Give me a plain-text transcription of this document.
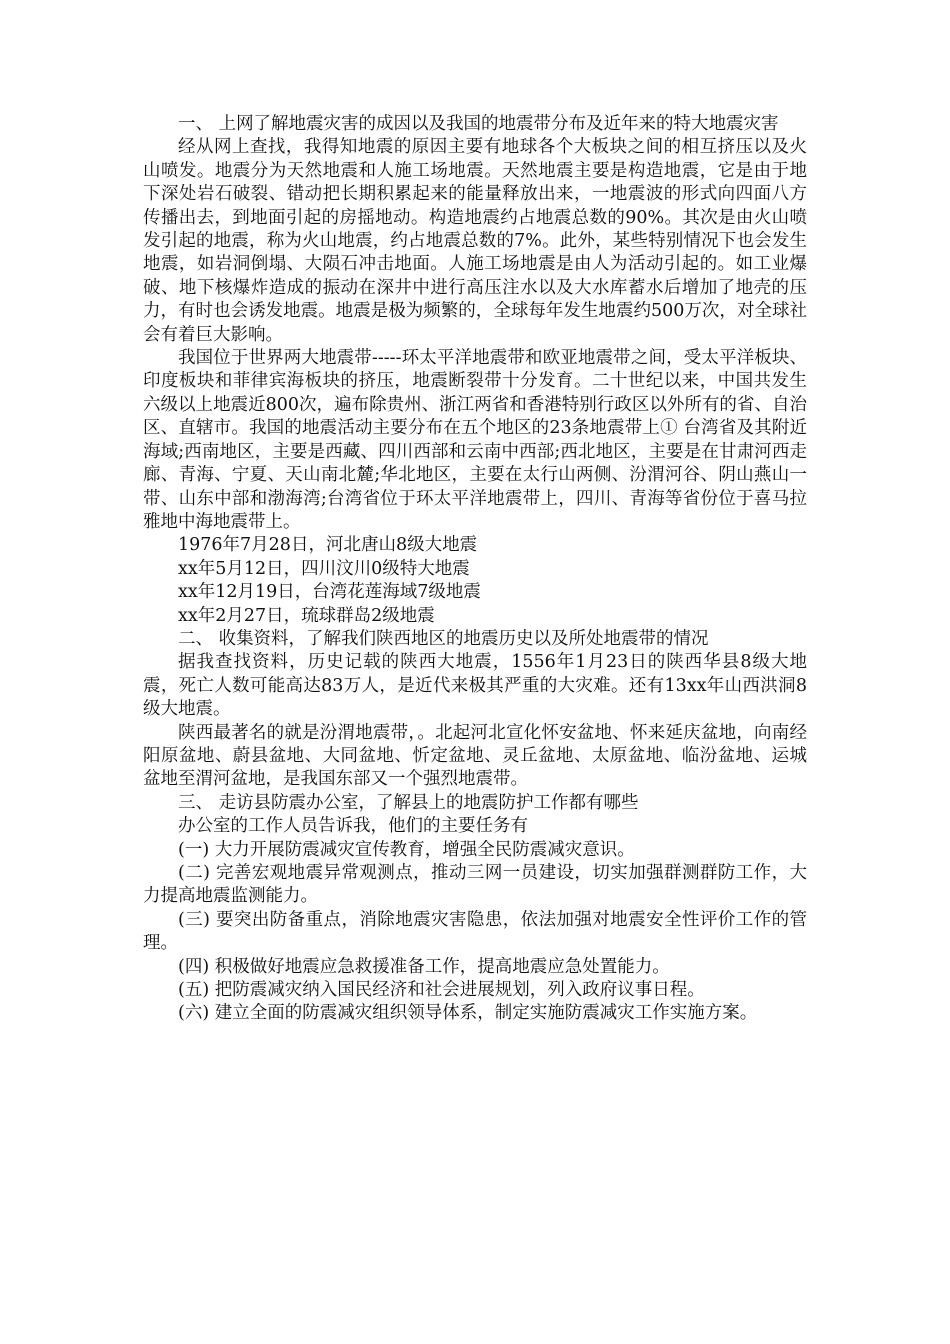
一、 上网了解地震灾害的成因以及我国的地震带分布及近年来的特大地震灾害

经从网上查找，我得知地震的原因主要有地球各个大板块之间的相互挤压以及火山喷发。地震分为天然地震和人施工场地震。天然地震主要是构造地震，它是由于地下深处岩石破裂、错动把长期积累起来的能量释放出来，一地震波的形式向四面八方传播出去，到地面引起的房摇地动。构造地震约占地震总数的90%。其次是由火山喷发引起的地震，称为火山地震，约占地震总数的7%。此外，某些特别情况下也会发生地震，如岩洞倒塌、大陨石冲击地面。人施工场地震是由人为活动引起的。如工业爆破、地下核爆炸造成的振动在深井中进行高压注水以及大水库蓄水后增加了地壳的压力，有时也会诱发地震。地震是极为频繁的，全球每年发生地震约500万次，对全球社会有着巨大影响。

我国位于世界两大地震带-----环太平洋地震带和欧亚地震带之间，受太平洋板块、印度板块和菲律宾海板块的挤压，地震断裂带十分发育。二十世纪以来，中国共发生六级以上地震近800次，遍布除贵州、浙江两省和香港特别行政区以外所有的省、自治区、直辖市。我国的地震活动主要分布在五个地区的23条地震带上① 台湾省及其附近海域;西南地区，主要是西藏、四川西部和云南中西部;西北地区，主要是在甘肃河西走廊、青海、宁夏、天山南北麓;华北地区，主要在太行山两侧、汾渭河谷、阴山燕山一带、山东中部和渤海湾;台湾省位于环太平洋地震带上，四川、青海等省份位于喜马拉雅地中海地震带上。

1976年7月28日，河北唐山8级大地震

xx年5月12日，四川汶川0级特大地震

xx年12月19日，台湾花莲海域7级地震

xx年2月27日，琉球群岛2级地震

二、 收集资料，了解我们陕西地区的地震历史以及所处地震带的情况

据我查找资料，历史记载的陕西大地震，1556年1月23日的陕西华县8级大地震，死亡人数可能高达83万人，是近代来极其严重的大灾难。还有13xx年山西洪洞8级大地震。

陕西最著名的就是汾渭地震带，。北起河北宣化怀安盆地、怀来延庆盆地，向南经阳原盆地、蔚县盆地、大同盆地、忻定盆地、灵丘盆地、太原盆地、临汾盆地、运城盆地至渭河盆地，是我国东部又一个强烈地震带。

三、 走访县防震办公室，了解县上的地震防护工作都有哪些

办公室的工作人员告诉我，他们的主要任务有

(一) 大力开展防震减灾宣传教育，增强全民防震减灾意识。

(二) 完善宏观地震异常观测点，推动三网一员建设，切实加强群测群防工作，大力提高地震监测能力。

(三) 要突出防备重点，消除地震灾害隐患，依法加强对地震安全性评价工作的管理。

(四) 积极做好地震应急救援准备工作，提高地震应急处置能力。

(五) 把防震减灾纳入国民经济和社会进展规划，列入政府议事日程。

(六) 建立全面的防震减灾组织领导体系，制定实施防震减灾工作实施方案。
